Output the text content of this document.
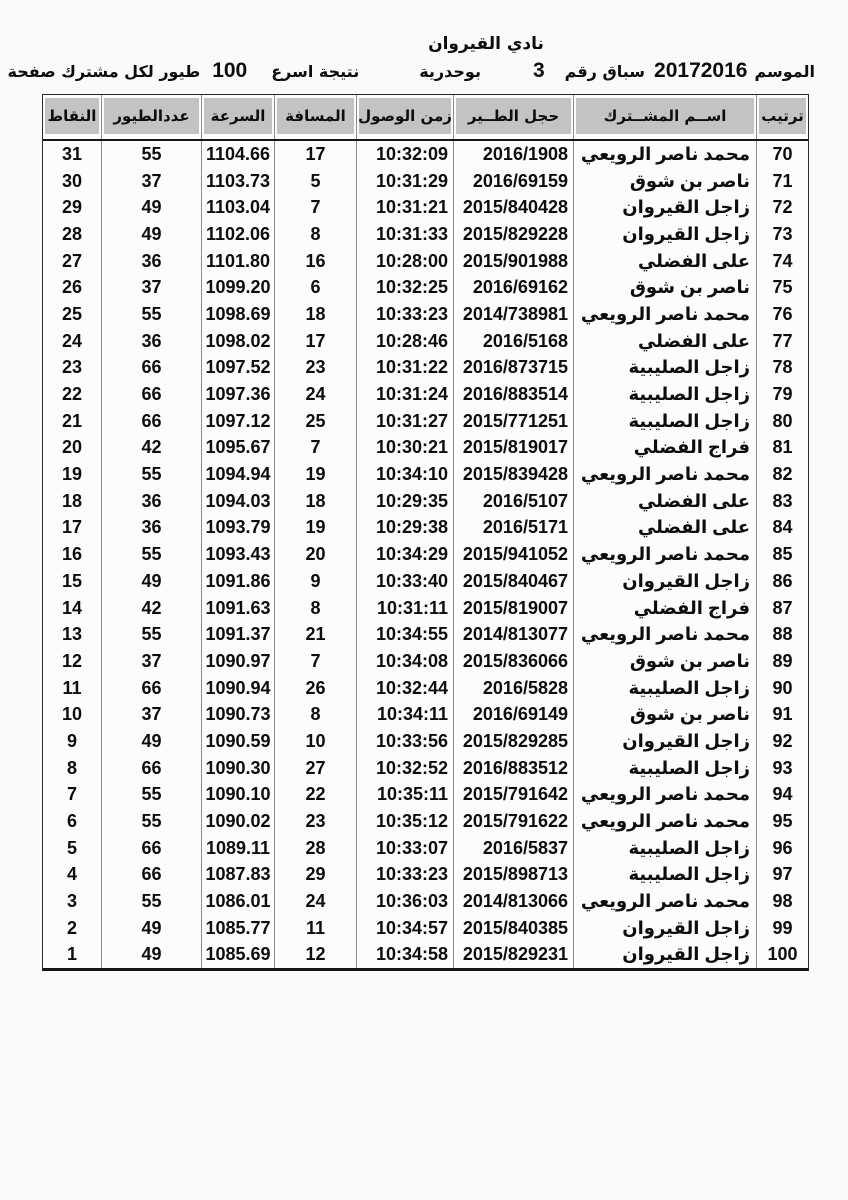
نادي القيروان
الموسم
20172016
سباق رقم
3
بوحدرية
نتيجة اسرع
100
طيور لكل مشترك صفحة
ترتيب
اســم المشــترك
حجل الطــير
زمن الوصول
المسافة
السرعة
عددالطيور
النقاط
70
محمد ناصر الرويعي
2016/1908
10:32:09
17
1104.66
55
31
71
ناصر بن شوق
2016/69159
10:31:29
5
1103.73
37
30
72
زاجل القيروان
2015/840428
10:31:21
7
1103.04
49
29
73
زاجل القيروان
2015/829228
10:31:33
8
1102.06
49
28
74
على الفضلي
2015/901988
10:28:00
16
1101.80
36
27
75
ناصر بن شوق
2016/69162
10:32:25
6
1099.20
37
26
76
محمد ناصر الرويعي
2014/738981
10:33:23
18
1098.69
55
25
77
على الفضلي
2016/5168
10:28:46
17
1098.02
36
24
78
زاجل الصليبية
2016/873715
10:31:22
23
1097.52
66
23
79
زاجل الصليبية
2016/883514
10:31:24
24
1097.36
66
22
80
زاجل الصليبية
2015/771251
10:31:27
25
1097.12
66
21
81
فراج الفضلي
2015/819017
10:30:21
7
1095.67
42
20
82
محمد ناصر الرويعي
2015/839428
10:34:10
19
1094.94
55
19
83
على الفضلي
2016/5107
10:29:35
18
1094.03
36
18
84
على الفضلي
2016/5171
10:29:38
19
1093.79
36
17
85
محمد ناصر الرويعي
2015/941052
10:34:29
20
1093.43
55
16
86
زاجل القيروان
2015/840467
10:33:40
9
1091.86
49
15
87
فراج الفضلي
2015/819007
10:31:11
8
1091.63
42
14
88
محمد ناصر الرويعي
2014/813077
10:34:55
21
1091.37
55
13
89
ناصر بن شوق
2015/836066
10:34:08
7
1090.97
37
12
90
زاجل الصليبية
2016/5828
10:32:44
26
1090.94
66
11
91
ناصر بن شوق
2016/69149
10:34:11
8
1090.73
37
10
92
زاجل القيروان
2015/829285
10:33:56
10
1090.59
49
9
93
زاجل الصليبية
2016/883512
10:32:52
27
1090.30
66
8
94
محمد ناصر الرويعي
2015/791642
10:35:11
22
1090.10
55
7
95
محمد ناصر الرويعي
2015/791622
10:35:12
23
1090.02
55
6
96
زاجل الصليبية
2016/5837
10:33:07
28
1089.11
66
5
97
زاجل الصليبية
2015/898713
10:33:23
29
1087.83
66
4
98
محمد ناصر الرويعي
2014/813066
10:36:03
24
1086.01
55
3
99
زاجل القيروان
2015/840385
10:34:57
11
1085.77
49
2
100
زاجل القيروان
2015/829231
10:34:58
12
1085.69
49
1
